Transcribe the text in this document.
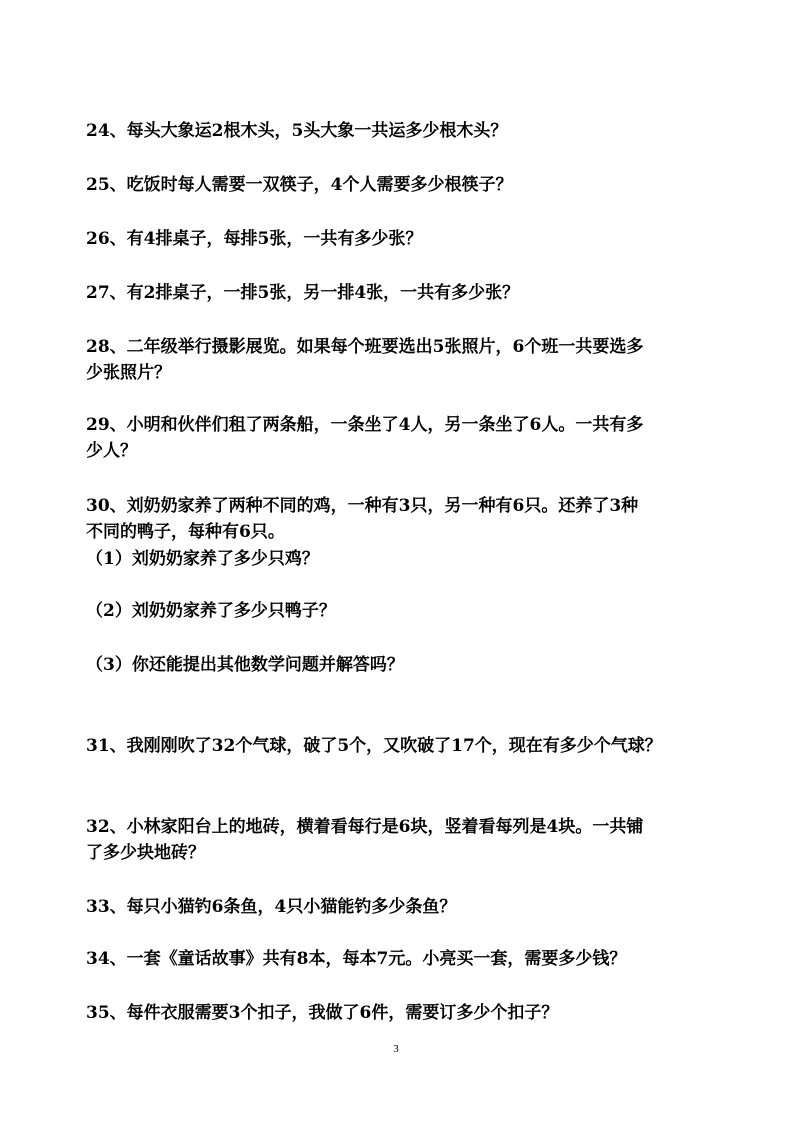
24、每头大象运2根木头，5头大象一共运多少根木头？
25、吃饭时每人需要一双筷子，4个人需要多少根筷子？
26、有4排桌子，每排5张，一共有多少张？
27、有2排桌子，一排5张，另一排4张，一共有多少张？
28、二年级举行摄影展览。如果每个班要选出5张照片，6个班一共要选多
少张照片？
29、小明和伙伴们租了两条船，一条坐了4人，另一条坐了6人。一共有多
少人？
30、刘奶奶家养了两种不同的鸡，一种有3只，另一种有6只。还养了3种
不同的鸭子，每种有6只。
（1）刘奶奶家养了多少只鸡？
（2）刘奶奶家养了多少只鸭子？
（3）你还能提出其他数学问题并解答吗？
31、我刚刚吹了32个气球，破了5个，又吹破了17个，现在有多少个气球？
32、小林家阳台上的地砖，横着看每行是6块，竖着看每列是4块。一共铺
了多少块地砖？
33、每只小猫钓6条鱼，4只小猫能钓多少条鱼？
34、一套《童话故事》共有8本，每本7元。小亮买一套，需要多少钱？
35、每件衣服需要3个扣子，我做了6件，需要订多少个扣子？
3
